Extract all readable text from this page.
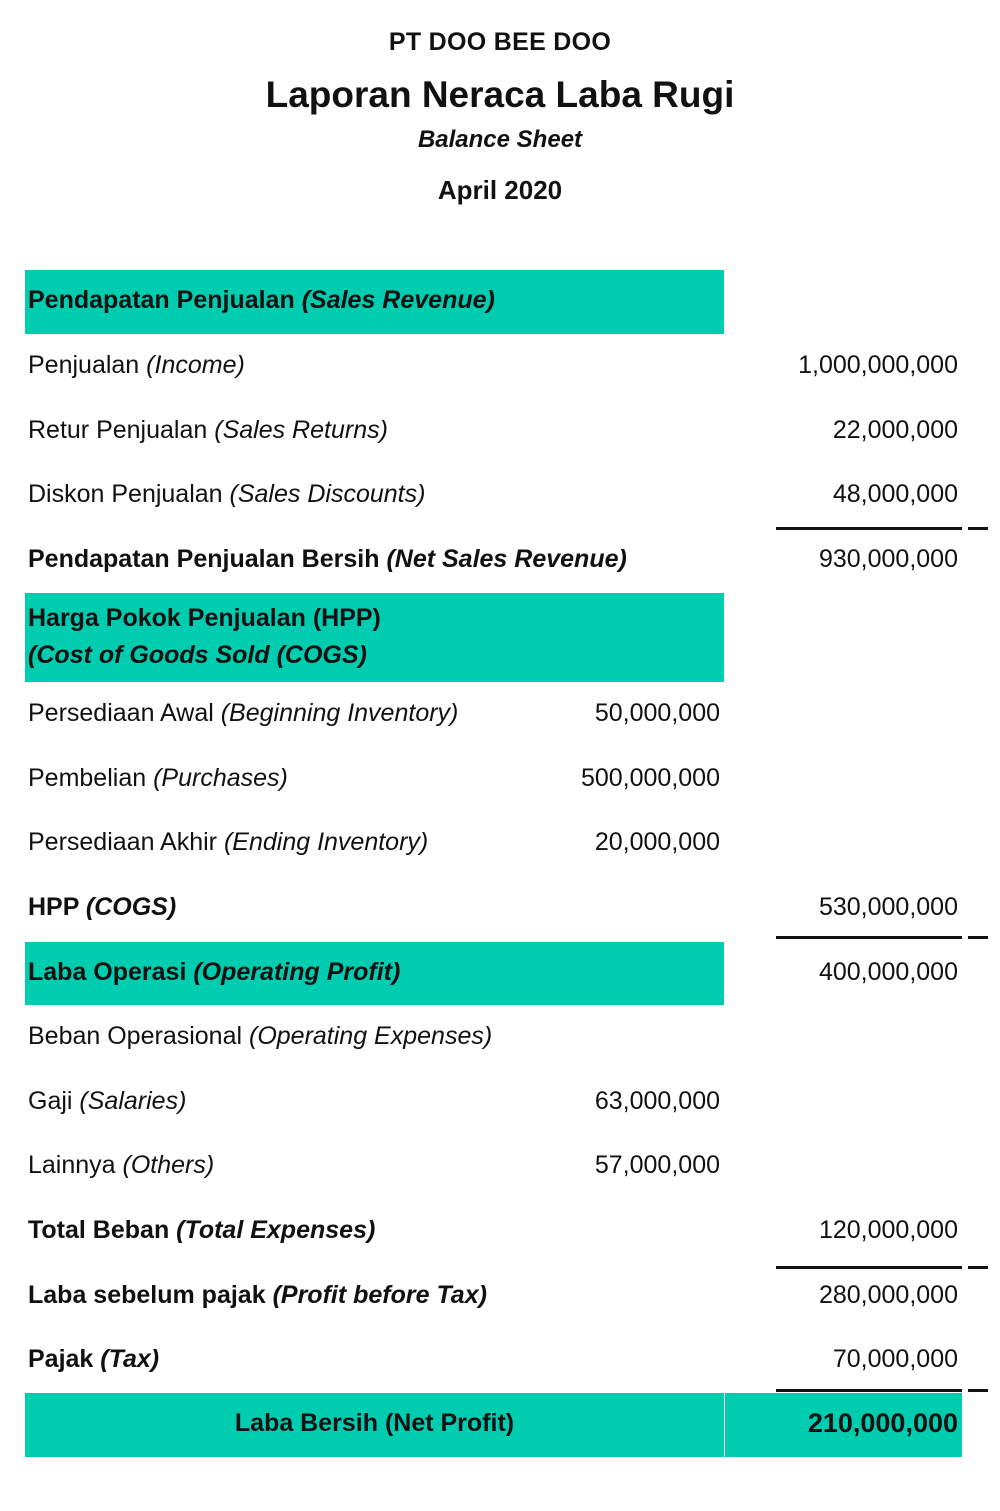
PT DOO BEE DOO
Laporan Neraca Laba Rugi
Balance Sheet
April 2020
Pendapatan Penjualan (Sales Revenue)
Penjualan (Income)	1,000,000,000
Retur Penjualan (Sales Returns)	22,000,000
Diskon Penjualan (Sales Discounts)	48,000,000
Pendapatan Penjualan Bersih (Net Sales Revenue)	930,000,000
Harga Pokok Penjualan (HPP)
(Cost of Goods Sold (COGS)
Persediaan Awal (Beginning Inventory)	50,000,000
Pembelian (Purchases)	500,000,000
Persediaan Akhir (Ending Inventory)	20,000,000
HPP (COGS)	530,000,000
Laba Operasi (Operating Profit)	400,000,000
Beban Operasional (Operating Expenses)
Gaji (Salaries)	63,000,000
Lainnya (Others)	57,000,000
Total Beban (Total Expenses)	120,000,000
Laba sebelum pajak (Profit before Tax)	280,000,000
Pajak (Tax)	70,000,000
Laba Bersih (Net Profit)	210,000,000
